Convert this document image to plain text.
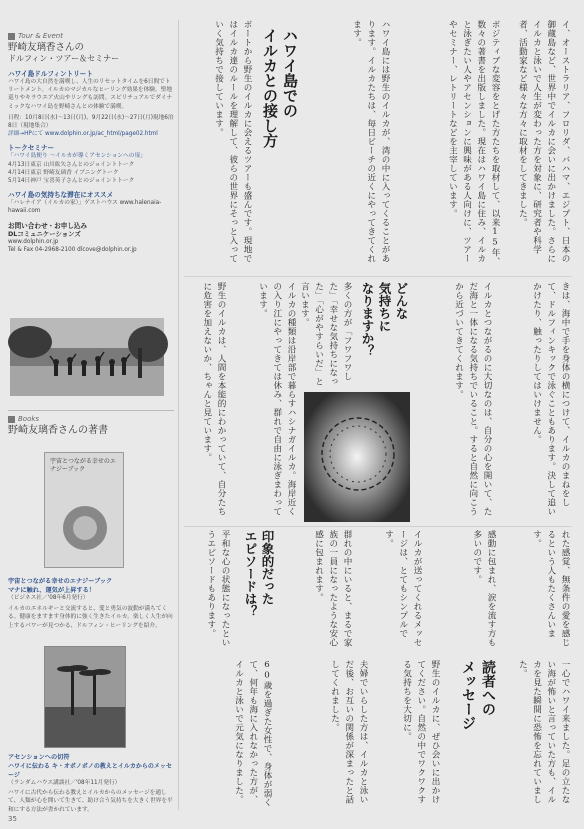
Tour & Event
野崎友璃香さんの
ドルフィン・ツアー＆セミナー
ハワイ島ドルフィントリート
ハワイ島の大自然を満喫し、人生のリセットタイムを6日間でトリートメント。イルカのマジカルなヒーリング効果を体験。聖地巡りやキラウエア火山やリングも訪問。スピリチュアルでダイナミックなハワイ島を野崎さんとの体験で満喫。
日程：10月8日(水)～13日(月)、9月22日(水)～27日(月)現地6泊8日（現地集合）
詳細→HPにて www.dolphin.or.jp/ac_html/page02.html
トークセミナー
「ハワイ島便り ～イルカが導くアセンションへの扉」
4月13日東京 山川紘矢さんとのジョイントトーク
4月14日東京 野崎友璃香 イブニングトーク
5月14日神戸 宝喜英子さんとのジョイントトーク
ハワイ島の気持ちな滞在にオススメ
「ハレナイア（イルカの家）」ゲストハウス www.halenaia-hawaii.com
お問い合わせ・お申し込み
DLコミュニケーションズ
www.dolphin.or.jp
Tel & Fax 04-2968-2100 dlcove@dolphin.or.jp
Books
野崎友璃香さんの著書
宇宙とつながる幸せのエナジーブック
宇宙とつながる幸せのエナジーブック
マナに触れ、運気が上昇する！
（ビジネス社／'08年6月発行）
イルカのエネルギーと交流すると、愛と勇気の波動が満ちてくる。健康をますます身体的に強く生きたイルカ。楽しく人生が向上するパワーが見つかる、ドルフィン・ヒーリングを紹介。
アセンションへの切符
ハワイに伝わる キ・オポノポノの教えとイルカからのメッセージ
（ランダムハウス講談社／'08年11月発行）
ハワイに古代から伝わる教えとイルカからのメッセージを通して、人類が心を開いて生きて、助け合う気持ちを大きく世界を平和にする方法が書かれています。
35
イ、オーストラリア、フロリダ、バハマ、エジプト、日本の御蔵島など、世界中でイルカに会いに出かけました。さらにイルカと泳いで人生が変わった方を対象に、研究者や科学者、活動家など様々な方々に取材をしてきました。
ボジティブな変容をとげた方たちを取材して、以来15年、数々の著書を出版しました。現在はハワイ島に住み、イルカと泳ぎたい人やアセンションに興味がある人向けに、ツアーやセミナー、レトリートなどを主宰しています。
ハワイ島での
イルカとの接し方	ハワイ島には野生のイルカが、湾の中に入ってくることがあります。イルカたちは、毎日ビーチの近くにやってきてくれます。
ボートから野生のイルカに会えるツアーも盛んです。現地ではイルカ達のルールを理解して、彼らの世界にそっと入っていく気持ちで接しています。
きは、海中で手を身体の横につけて、イルカのまねをして、ドルフィンキックで泳ぐこともあります。決して追いかけたり、触ったりしてはいけません。
イルカとつながるのに大切なのは、自分の心を開いて、ただ海と一体になる気持ちでいること。すると自然に向こうから近づいてきてくれます。
どんな
気持ちに
なりますか？
多くの方が「フワフワした」「幸せな気持ちになった」「心がやすらいだ」と言います。
イルカの種類は沿岸部で暮らすハシナガイルカ。海岸近くの入り江にやってきては休み、群れで自由に泳ぎまわっています。
野生のイルカは、人間を本能的にわかっていて、自分たちに危害を加えないか、ちゃんと見ています。
れた感覚、無条件の愛を感じるという人もたくさんいます。
一心でハワイ来ました。足の立たない海が怖いと言っていた方も、イルカを見た瞬間に恐怖を忘れていました。
感動に包まれ、涙を流す方も多いのです。
読者への
メッセージ
イルカが送ってくれるメッセージは、とてもシンプルです。
野生のイルカに、ぜひ会いに出かけてください。自然の中でワクワクする気持ちを大切に。
群れの中にいると、まるで家族の一員になったような安心感に包まれます。
夫婦でいらした方は、イルカと泳いだ後、お互いの関係が深まったと話してくれました。
印象的だった
エピソードは？
平和な心の状態になったというエピソードもあります。
60歳を過ぎた女性で、身体が弱くて、何年も海に入れなかった方が、イルカと泳いで元気になりました。
